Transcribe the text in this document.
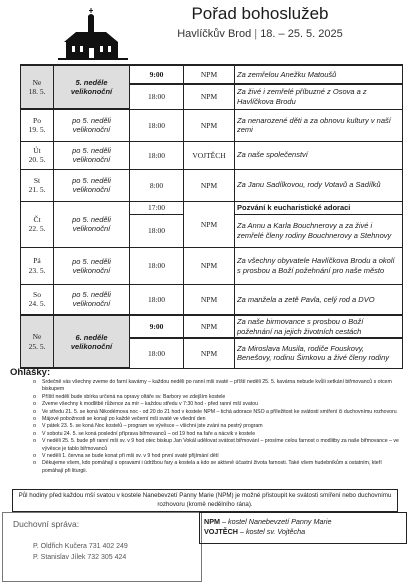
Pořad bohoslužeb
Havlíčkův Brod | 18. – 25. 5. 2025
Ne
18. 5.	5. neděle velikonoční	9:00	NPM	Za zemřelou Anežku Matoušů
		18:00	NPM	Za živé i zemřelé příbuzné z Osova a z Havlíčkova Brodu
Po
19. 5.	po 5. neděli velikonoční	18:00	NPM	Za nenarozené děti a za obnovu kultury v naší zemi
Út
20. 5.	po 5. neděli velikonoční	18:00	VOJTĚCH	Za naše společenství
St
21. 5.	po 5. neděli velikonoční	8:00	NPM	Za Janu Sadílkovou, rody Votavů a Sadílků
Čt
22. 5.	po 5. neděli velikonoční	17:00	NPM	Pozvání k eucharistické adoraci
		18:00		Za Annu a Karla Bouchnerovy a za živé i zemřelé členy rodiny Bouchnerovy a Stehnovy
Pá
23. 5.	po 5. neděli velikonoční	18:00	NPM	Za všechny obyvatele Havlíčkova Brodu a okolí s prosbou a Boží požehnání pro naše město
So
24. 5.	po 5. neděli velikonoční	18:00	NPM	Za manžela a zetě Pavla, celý rod a DVO
Ne
25. 5.	6. neděle velikonoční	9:00	NPM	Za naše birmovance s prosbou o Boží požehnání na jejich životních cestách
		18:00	NPM	Za Miroslava Musila, rodiče Fouskovy, Benešovy, rodinu Šimkovu a živé členy rodiny
Ohlášky:
o Srdečně vás všechny zveme do farní kavárny – každou neděli po ranní mši svaté – příští neděli 25. 5. kavárna nebude kvůli setkání biřmovanců s otcem biskupem
o Příští neděli bude sbírka určená na opravy oltáře sv. Barbory ve zdejším kostele
o Zveme všechny k modlitbě růžence za mír – každou středu v 7:30 hod - před ranní mší svatou
o Ve středu 21. 5. se koná Nikodémova noc - od 20 do 21 hod v kostele NPM – tichá adorace NSO a příležitost ke svátosti smíření či duchovnímu rozhovoru
o Májové pobožnosti se konají po každé večerní mši svaté ve všední den
o V pátek 23. 5. se koná Noc kostelů – program ve vývěsce – všichni jste zváni na pestrý program
o V sobotu 24. 5. se koná poslední příprava biřmovanců – od 19 hod na faře a nácvik v kostele
o V neděli 25. 5. bude při ranní mši sv. v 9 hod otec biskup Jan Vokál udělovat svátost biřmování – prosíme celou farnost o modlitby za naše biřmovance – ve vývěsce je tablo biřmovanců
o V neděli 1. června se bude konat při mši sv. v 9 hod první svaté přijímání dětí
o Děkujeme všem, kdo pomáhají s opravami i údržbou fary a kostela a kdo se aktivně účastní života farnosti. Také všem hudebníkům a ostatním, kteří pomáhají při liturgii.
Půl hodiny před každou mší svatou v kostele Nanebevzetí Panny Marie (NPM) je možné přistoupit ke svátosti smíření nebo duchovnímu rozhovoru (kromě nedělního rána).
Duchovní správa:
P. Oldřich Kučera 731 402 249
P. Stanislav Jílek 732 305 424
NPM – kostel Nanebevzetí Panny Marie
VOJTĚCH – kostel sv. Vojtěcha
